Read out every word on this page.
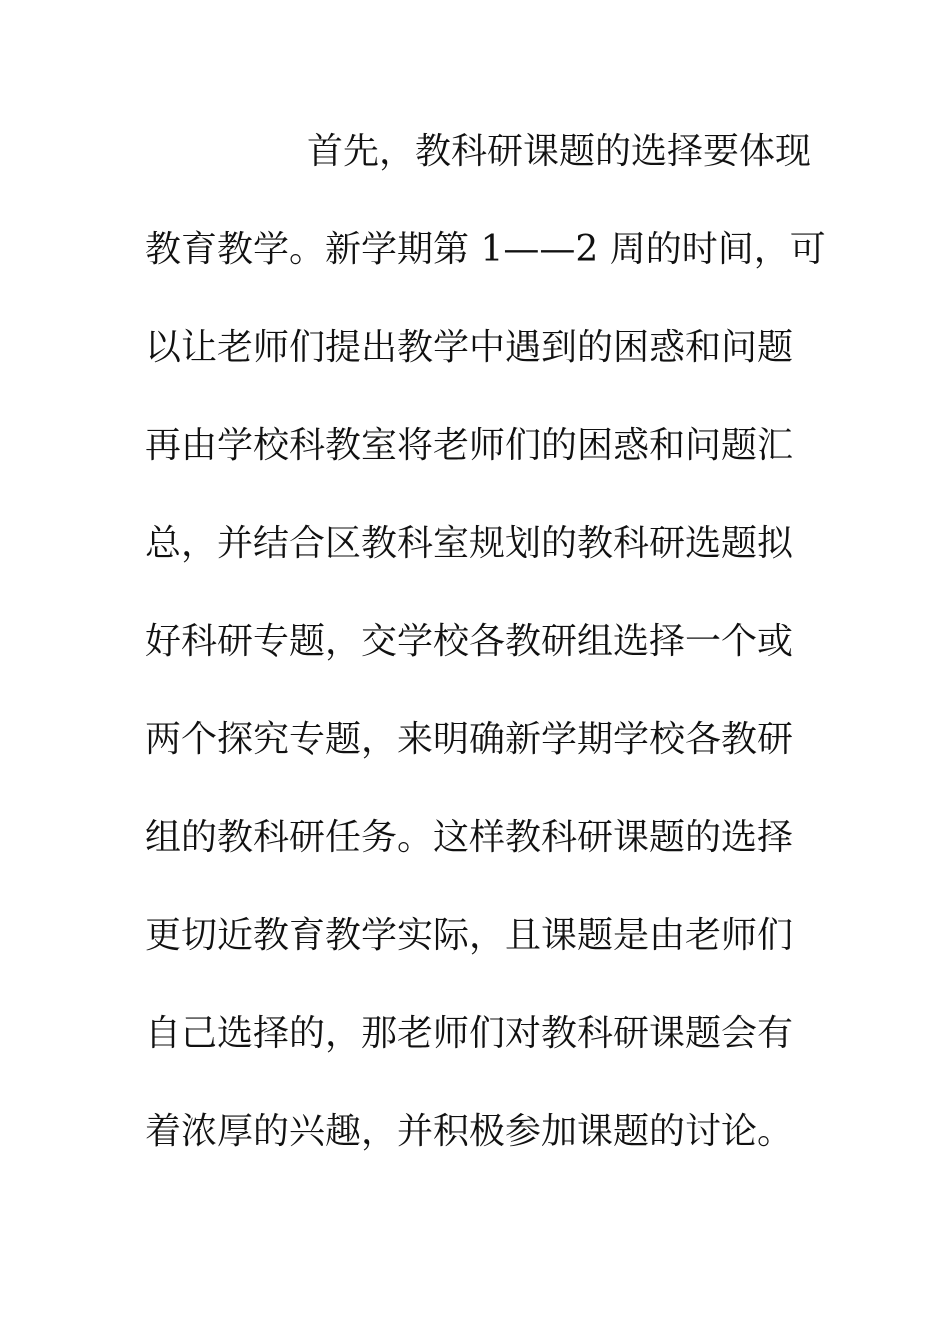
首先，教科研课题的选择要体现
教育教学。新学期第 1——2 周的时间，可
以让老师们提出教学中遇到的困惑和问题
再由学校科教室将老师们的困惑和问题汇
总，并结合区教科室规划的教科研选题拟
好科研专题，交学校各教研组选择一个或
两个探究专题，来明确新学期学校各教研
组的教科研任务。这样教科研课题的选择
更切近教育教学实际，且课题是由老师们
自己选择的，那老师们对教科研课题会有
着浓厚的兴趣，并积极参加课题的讨论。
